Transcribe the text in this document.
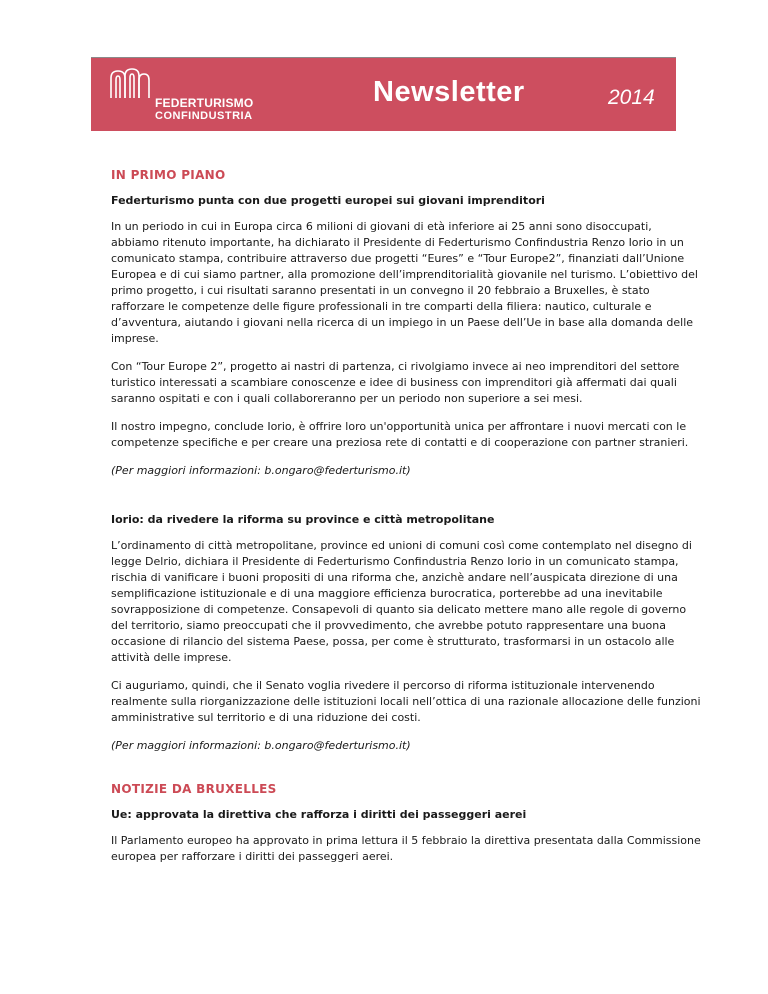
FEDERTURISMO
CONFINDUSTRIA
Newsletter	2014
IN PRIMO PIANO
Federturismo punta con due progetti europei sui giovani imprenditori

In un periodo in cui in Europa circa 6 milioni di giovani di età inferiore ai 25 anni sono disoccupati, abbiamo ritenuto importante, ha dichiarato il Presidente di Federturismo Confindustria Renzo Iorio in un comunicato stampa, contribuire attraverso due progetti “Eures” e “Tour Europe2”, finanziati dall’Unione Europea e di cui siamo partner, alla promozione dell’imprenditorialità giovanile nel turismo. L’obiettivo del primo progetto, i cui risultati saranno presentati in un convegno il 20 febbraio a Bruxelles, è stato rafforzare le competenze delle figure professionali in tre comparti della filiera: nautico, culturale e d’avventura, aiutando i giovani nella ricerca di un impiego in un Paese dell’Ue in base alla domanda delle imprese.

Con “Tour Europe 2”, progetto ai nastri di partenza, ci rivolgiamo invece ai neo imprenditori del settore turistico interessati a scambiare conoscenze e idee di business con imprenditori già affermati dai quali saranno ospitati e con i quali collaboreranno per un periodo non superiore a sei mesi.

Il nostro impegno, conclude Iorio, è offrire loro un'opportunità unica per affrontare i nuovi mercati con le competenze specifiche e per creare una preziosa rete di contatti e di cooperazione con partner stranieri.

(Per maggiori informazioni: b.ongaro@federturismo.it)

Iorio: da rivedere la riforma su province e città metropolitane

L’ordinamento di città metropolitane, province ed unioni di comuni così come contemplato nel disegno di legge Delrio, dichiara il Presidente di Federturismo Confindustria Renzo Iorio in un comunicato stampa, rischia di vanificare i buoni propositi di una riforma che, anzichè andare nell’auspicata direzione di una semplificazione istituzionale e di una maggiore efficienza burocratica, porterebbe ad una inevitabile sovrapposizione di competenze. Consapevoli di quanto sia delicato mettere mano alle regole di governo del territorio, siamo preoccupati che il provvedimento, che avrebbe potuto rappresentare una buona occasione di rilancio del sistema Paese, possa, per come è strutturato, trasformarsi in un ostacolo alle attività delle imprese.

Ci auguriamo, quindi, che il Senato voglia rivedere il percorso di riforma istituzionale intervenendo realmente sulla riorganizzazione delle istituzioni locali nell’ottica di una razionale allocazione delle funzioni amministrative sul territorio e di una riduzione dei costi.

(Per maggiori informazioni: b.ongaro@federturismo.it)

NOTIZIE DA BRUXELLES
Ue: approvata la direttiva che rafforza i diritti dei passeggeri aerei

Il Parlamento europeo ha approvato in prima lettura il 5 febbraio la direttiva presentata dalla Commissione europea per rafforzare i diritti dei passeggeri aerei.
